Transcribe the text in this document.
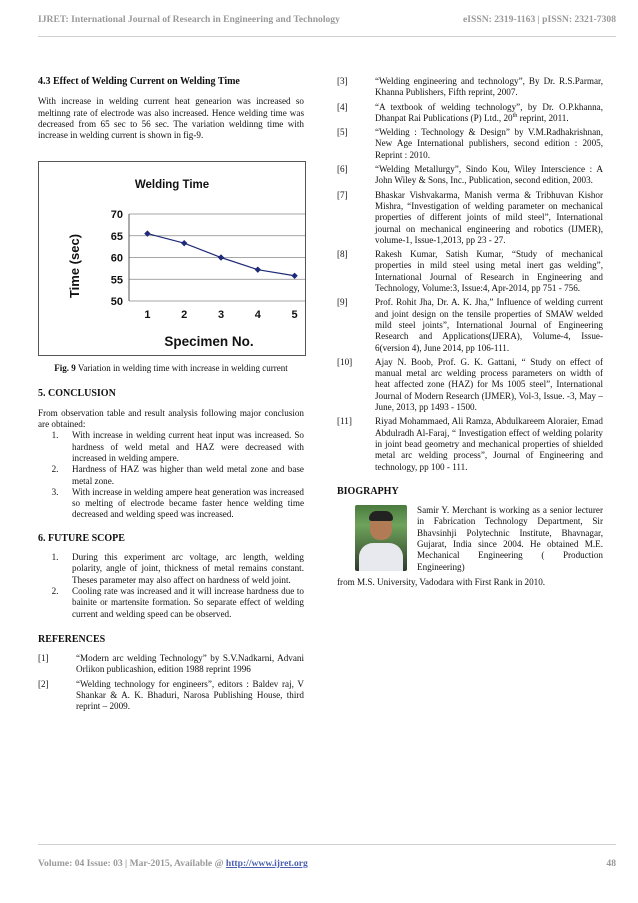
IJRET: International Journal of Research in Engineering and Technology	eISSN: 2319-1163 | pISSN: 2321-7308
4.3 Effect of Welding Current on Welding Time

With increase in welding current heat genearion was increased so meltinng rate of electrode was also increased. Hence welding time was decreased from 65 sec to 56 sec. The variation weldinng time with increase in welding current is shown in fig-9.

Welding Time
Time (sec)
Specimen No.
50
55
60
65
70
1	2	3	4	5
Fig. 9 Variation in welding time with increase in welding current
5. CONCLUSION

From observation table and result analysis following major conclusion are obtained:

1.	With increase in welding current heat input was increased. So hardness of weld metal and HAZ were decreased with increased in welding ampere.
2.	Hardness of HAZ was higher than weld metal zone and base metal zone.
3.	With increase in welding ampere heat generation was increased so melting of electrode became faster hence welding time decreased and welding speed was increased.
6. FUTURE SCOPE
1.	During this experiment arc voltage, arc length, welding polarity, angle of joint, thickness of metal remains constant. Theses parameter may also affect on hardness of weld joint.
2.	Cooling rate was increased and it will increase hardness due to bainite or martensite formation. So separate effect of welding current and welding speed can be observed.
REFERENCES
[1]	“Modern arc welding Technology” by S.V.Nadkarni, Advani Orlikon publicashion, edition 1988 reprint 1996
[2]	“Welding technology for engineers”, editors : Baldev raj, V Shankar & A. K. Bhaduri, Narosa Publishing House, third reprint – 2009.
[3]	“Welding engineering and technology”, By Dr. R.S.Parmar, Khanna Publishers, Fifth reprint, 2007.
[4]	“A textbook of welding technology”, by Dr. O.P.khanna, Dhanpat Rai Publications (P) Ltd., 20th reprint, 2011.
[5]	“Welding : Technology & Design” by V.M.Radhakrishnan, New Age International publishers, second edition : 2005, Reprint : 2010.
[6]	“Welding Metallurgy”, Sindo Kou, Wiley Interscience : A John Wiley & Sons, Inc., Publication, second edition, 2003.
[7]	Bhaskar Vishvakarma, Manish verma & Tribhuvan Kishor Mishra, “Investigation of welding parameter on mechanical properties of different joints of mild steel”, International journal on mechanical engineering and robotics (IJMER), volume-1, Issue-1,2013, pp 23 - 27.
[8]	Rakesh Kumar, Satish Kumar, “Study of mechanical properties in mild steel using metal inert gas welding”, International Journal of Research in Engineering and Technology, Volume:3, Issue:4, Apr-2014, pp 751 - 756.
[9]	Prof. Rohit Jha, Dr. A. K. Jha,” Influence of welding current and joint design on the tensile properties of SMAW welded mild steel joints”, International Journal of Engineering Research and Applications(IJERA), Volume-4, Issue-6(version 4), June 2014, pp 106-111.
[10]	Ajay N. Boob, Prof. G. K. Gattani, “ Study on effect of manual metal arc welding process parameters on width of heat affected zone (HAZ) for Ms 1005 steel”, International Journal of Modern Research (IJMER), Vol-3, Issue. -3, May – June, 2013, pp 1493 - 1500.
[11]	Riyad Mohammaed, Ali Ramza, Abdulkareem Aloraier, Emad Abdulradh Al-Faraj, “ Investigation effect of welding polarity in joint bead geometry and mechanical properties of shielded metal arc welding process”, Journal of Engineering and technology, pp 100 - 111.
BIOGRAPHY
Samir Y. Merchant is working as a senior lecturer in Fabrication Technology Department, Sir Bhavsinhji Polytechnic Institute, Bhavnagar, Gujarat, India since 2004. He obtained M.E. Mechanical Engineering ( Production Engineering)

from M.S. University, Vadodara with First Rank in 2010.

Volume: 04 Issue: 03 | Mar-2015, Available @ http://www.ijret.org	48
